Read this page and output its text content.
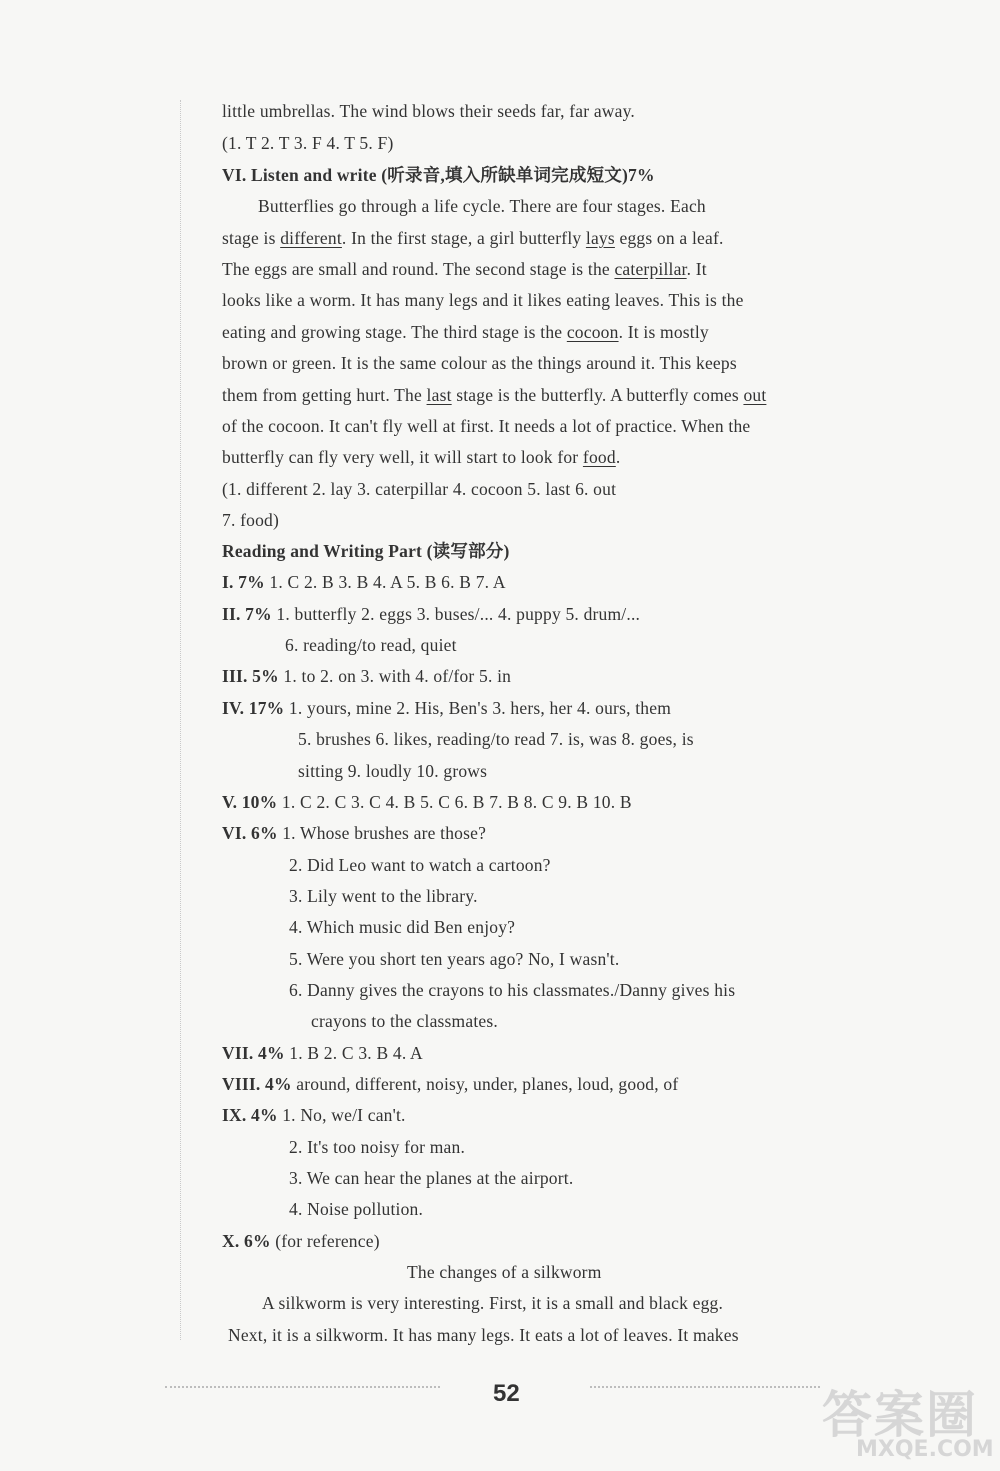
little umbrellas. The wind blows their seeds far, far away.
(1. T 2. T 3. F 4. T 5. F)
VI. Listen and write (听录音,填入所缺单词完成短文)7%
Butterflies go through a life cycle. There are four stages. Each
stage is different. In the first stage, a girl butterfly lays eggs on a leaf.
The eggs are small and round. The second stage is the caterpillar. It
looks like a worm. It has many legs and it likes eating leaves. This is the
eating and growing stage. The third stage is the cocoon. It is mostly
brown or green. It is the same colour as the things around it. This keeps
them from getting hurt. The last stage is the butterfly. A butterfly comes out
of the cocoon. It can't fly well at first. It needs a lot of practice. When the
butterfly can fly very well, it will start to look for food.
(1. different 2. lay 3. caterpillar 4. cocoon 5. last 6. out
7. food)
Reading and Writing Part (读写部分)
I. 7% 1. C 2. B 3. B 4. A 5. B 6. B 7. A
II. 7% 1. butterfly 2. eggs 3. buses/... 4. puppy 5. drum/...
6. reading/to read, quiet
III. 5% 1. to 2. on 3. with 4. of/for 5. in
IV. 17% 1. yours, mine 2. His, Ben's 3. hers, her 4. ours, them
5. brushes 6. likes, reading/to read 7. is, was 8. goes, is
sitting 9. loudly 10. grows
V. 10% 1. C 2. C 3. C 4. B 5. C 6. B 7. B 8. C 9. B 10. B
VI. 6% 1. Whose brushes are those?
2. Did Leo want to watch a cartoon?
3. Lily went to the library.
4. Which music did Ben enjoy?
5. Were you short ten years ago? No, I wasn't.
6. Danny gives the crayons to his classmates./Danny gives his
crayons to the classmates.
VII. 4% 1. B 2. C 3. B 4. A
VIII. 4% around, different, noisy, under, planes, loud, good, of
IX. 4% 1. No, we/I can't.
2. It's too noisy for man.
3. We can hear the planes at the airport.
4. Noise pollution.
X. 6% (for reference)
The changes of a silkworm
A silkworm is very interesting. First, it is a small and black egg.
Next, it is a silkworm. It has many legs. It eats a lot of leaves. It makes
52	答案圈
MXQE.COM
